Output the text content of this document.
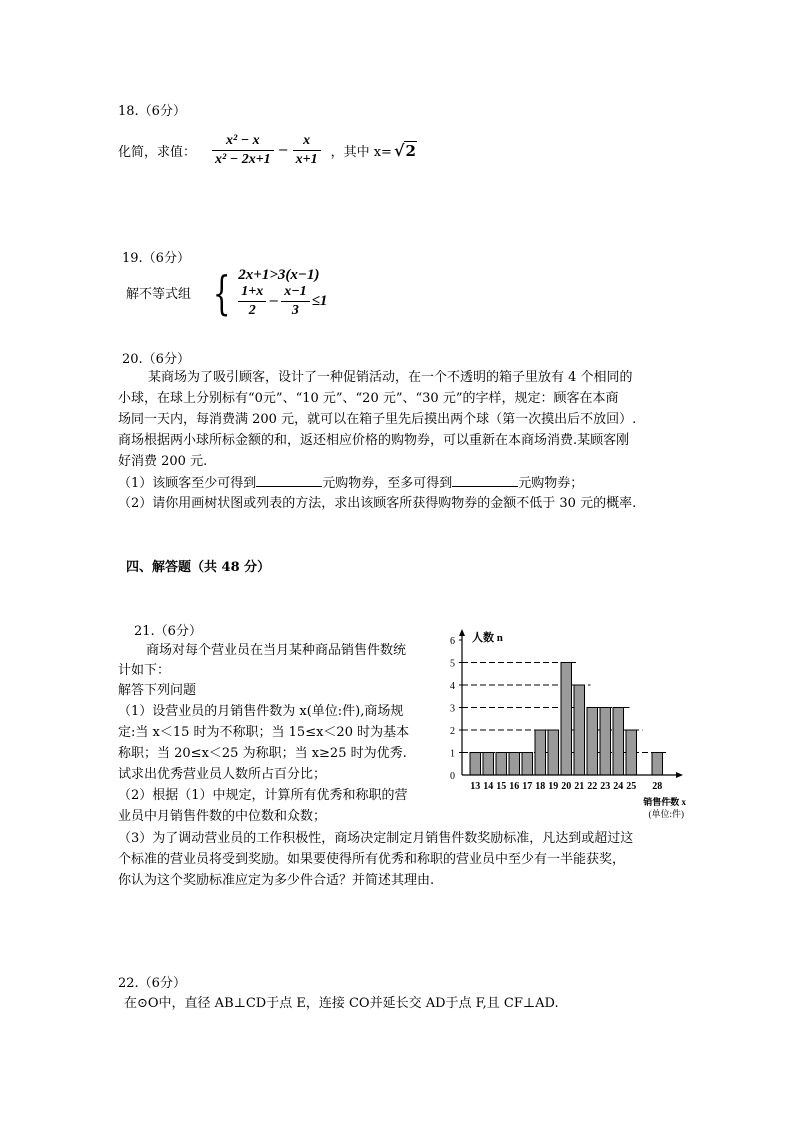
18.（6分）
化简，求值： $\frac{\text{x² − x}}{\text{x² − 2x+1}} - \frac{x}{x+1}$ ，其中 x= √ 2
19.（6分）
解不等式组 { 2x+1>3(x−1)
$\frac{1+x}{2} - \frac{x-1}{3} \le 1$
20.（6分）
某商场为了吸引顾客，设计了一种促销活动，在一个不透明的箱子里放有 4 个相同的
小球，在球上分别标有“0元”、“10 元”、“20 元”、“30 元”的字样，规定：顾客在本商
场同一天内，每消费满 200 元，就可以在箱子里先后摸出两个球（第一次摸出后不放回）.
商场根据两小球所标金额的和，返还相应价格的购物券，可以重新在本商场消费.某顾客刚
好消费 200 元.
（1）该顾客至少可得到	元购物券，至多可得到	元购物券；
（2）请你用画树状图或列表的方法，求出该顾客所获得购物券的金额不低于 30 元的概率.
四、解答题（共 48 分）
21.（6分）
商场对每个营业员在当月某种商品销售件数统
计如下：
解答下列问题
（1）设营业员的月销售件数为 x(单位:件),商场规
定:当 x＜15 时为不称职；当 15≤x＜20 时为基本
称职；当 20≤x＜25 为称职；当 x≥25 时为优秀.
试求出优秀营业员人数所占百分比；
（2）根据（1）中规定，计算所有优秀和称职的营
业员中月销售件数的中位数和众数；
（3）为了调动营业员的工作积极性，商场决定制定月销售件数奖励标准，凡达到或超过这
个标准的营业员将受到奖励。如果要使得所有优秀和称职的营业员中至少有一半能获奖，
你认为这个奖励标准应定为多少件合适？并简述其理由.
1
2
3
4
5
6
0
13 14 15 16 17 18 19 20 21 22 23 24 25 28
人数 n
销售件数 x
(单位:件)
22.（6分）
在⊙O中，直径 AB⊥CD于点 E，连接 CO并延长交 AD于点 F,且 CF⊥AD.
